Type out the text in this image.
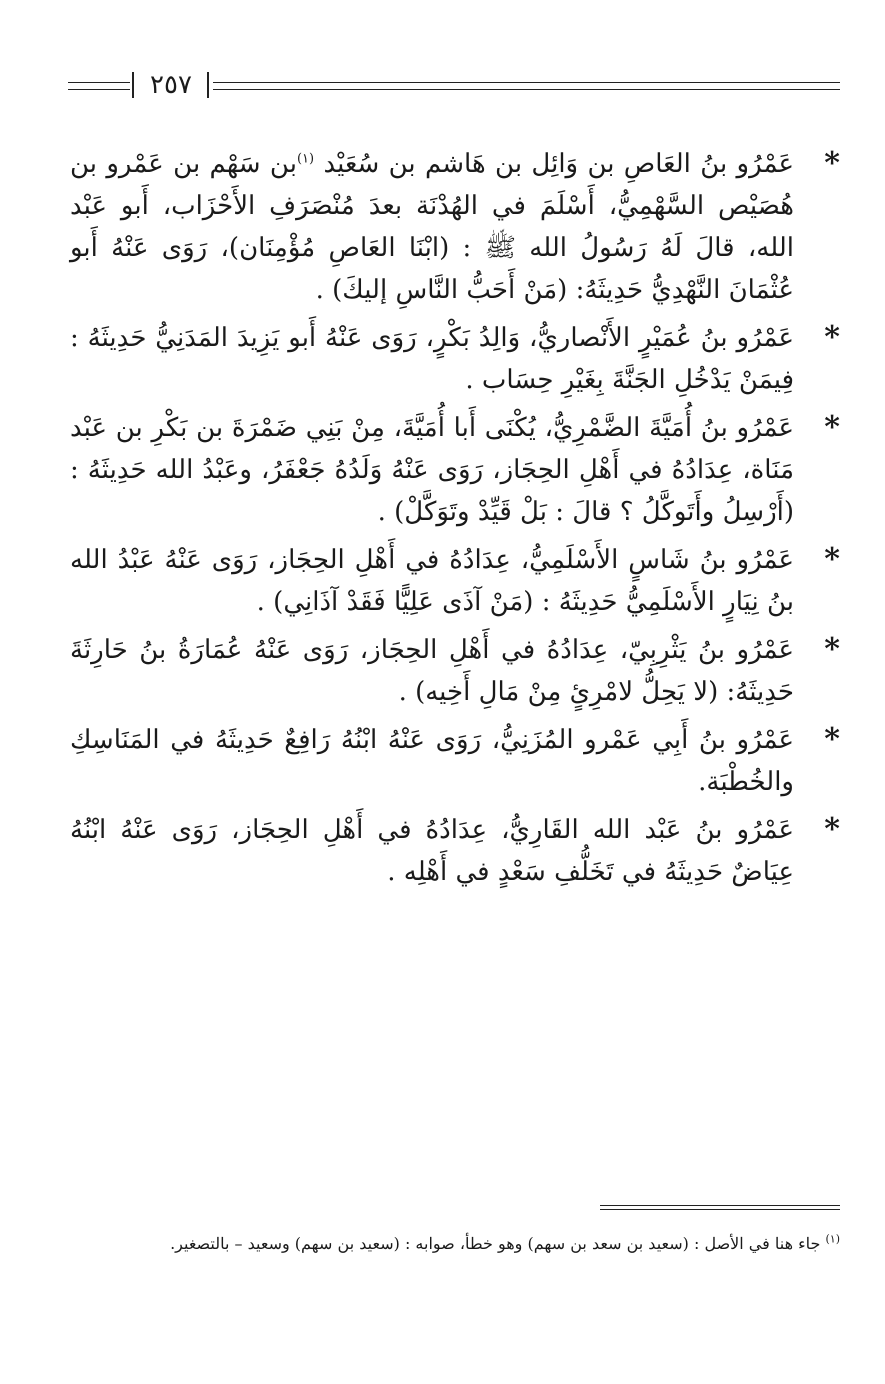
٢٥٧
*
عَمْرُو بنُ العَاصِ بن وَائِل بن هَاشم بن سُعَيْد $^{(١)}$بن سَهْم بن عَمْرو بن هُصَيْص السَّهْمِيُّ، أَسْلَمَ في الهُدْنَة بعدَ مُنْصَرَفِ الأَحْزَاب، أَبو عَبْد الله، قالَ لَهُ رَسُولُ الله ﷺ : (ابْنَا العَاصِ مُؤْمِنَان)، رَوَى عَنْهُ أَبو عُثْمَانَ النَّهْدِيُّ حَدِيثَهُ: (مَنْ أَحَبُّ النَّاسِ إليكَ) .
*
عَمْرُو بنُ عُمَيْرٍ الأَنْصاريُّ، وَالِدُ بَكْرٍ، رَوَى عَنْهُ أَبو يَزِيدَ المَدَنِيُّ حَدِيثَهُ : فِيمَنْ يَدْخُلِ الجَنَّةَ بِغَيْرِ حِسَاب .
*
عَمْرُو بنُ أُمَيَّةَ الضَّمْرِيُّ، يُكْنَى أَبا أُمَيَّةَ، مِنْ بَنِي ضَمْرَةَ بن بَكْرِ بن عَبْد مَنَاة، عِدَادُهُ في أَهْلِ الحِجَاز، رَوَى عَنْهُ وَلَدُهُ جَعْفَرُ، وعَبْدُ الله حَدِيثَهُ : (أَرْسِلُ وأَتَوكَّلُ ؟ قالَ : بَلْ قَيِّدْ وتَوَكَّلْ) .
*
عَمْرُو بنُ شَاسٍ الأَسْلَمِيُّ، عِدَادُهُ في أَهْلِ الحِجَاز، رَوَى عَنْهُ عَبْدُ الله بنُ نِيَارٍ الأَسْلَمِيُّ حَدِيثَهُ : (مَنْ آذَى عَلِيًّا فَقَدْ آذَانِي) .
*
عَمْرُو بنُ يَثْرِبِيّ، عِدَادُهُ في أَهْلِ الحِجَاز، رَوَى عَنْهُ عُمَارَةُ بنُ حَارِثَةَ حَدِيثَهُ: (لا يَحِلُّ لامْرِئٍ مِنْ مَالِ أَخِيه) .
*
عَمْرُو بنُ أَبِي عَمْرو المُزَنِيُّ، رَوَى عَنْهُ ابْنُهُ رَافِعٌ حَدِيثَهُ في المَنَاسِكِ والخُطْبَة.
*
عَمْرُو بنُ عَبْد الله القَارِيُّ، عِدَادُهُ في أَهْلِ الحِجَاز، رَوَى عَنْهُ ابْنُهُ عِيَاضٌ حَدِيثَهُ في تَخَلُّفِ سَعْدٍ في أَهْلِه .
$^{(١)}$ جاء هنا في الأصل : (سعيد بن سعد بن سهم) وهو خطأ، صوابه : (سعيد بن سهم) وسعيد – بالتصغير.
